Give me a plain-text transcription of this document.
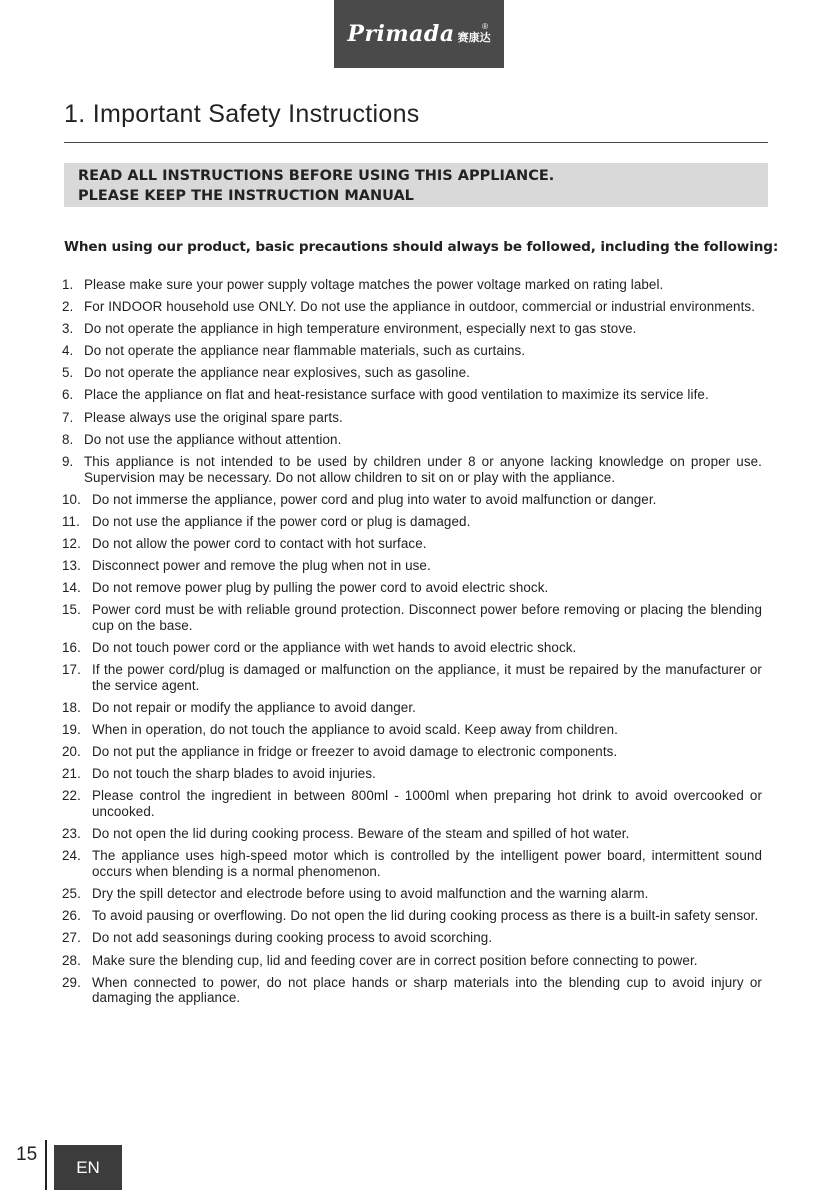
Primada 赛康达
®
1. Important Safety Instructions
READ ALL INSTRUCTIONS BEFORE USING THIS APPLIANCE.
PLEASE KEEP THE INSTRUCTION MANUAL
When using our product, basic precautions should always be followed, including the following:
1. Please make sure your power supply voltage matches the power voltage marked on rating label.
2. For INDOOR household use ONLY. Do not use the appliance in outdoor, commercial or industrial environments.
3. Do not operate the appliance in high temperature environment, especially next to gas stove.
4. Do not operate the appliance near flammable materials, such as curtains.
5. Do not operate the appliance near explosives, such as gasoline.
6. Place the appliance on flat and heat-resistance surface with good ventilation to maximize its service life.
7. Please always use the original spare parts.
8. Do not use the appliance without attention.
9. This appliance is not intended to be used by children under 8 or anyone lacking knowledge on proper use. Supervision may be necessary. Do not allow children to sit on or play with the appliance.
10. Do not immerse the appliance, power cord and plug into water to avoid malfunction or danger.
11. Do not use the appliance if the power cord or plug is damaged.
12. Do not allow the power cord to contact with hot surface.
13. Disconnect power and remove the plug when not in use.
14. Do not remove power plug by pulling the power cord to avoid electric shock.
15. Power cord must be with reliable ground protection. Disconnect power before removing or placing the blending cup on the base.
16. Do not touch power cord or the appliance with wet hands to avoid electric shock.
17. If the power cord/plug is damaged or malfunction on the appliance, it must be repaired by the manufacturer or the service agent.
18. Do not repair or modify the appliance to avoid danger.
19. When in operation, do not touch the appliance to avoid scald. Keep away from children.
20. Do not put the appliance in fridge or freezer to avoid damage to electronic components.
21. Do not touch the sharp blades to avoid injuries.
22. Please control the ingredient in between 800ml - 1000ml when preparing hot drink to avoid overcooked or uncooked.
23. Do not open the lid during cooking process. Beware of the steam and spilled of hot water.
24. The appliance uses high-speed motor which is controlled by the intelligent power board, intermittent sound occurs when blending is a normal phenomenon.
25. Dry the spill detector and electrode before using to avoid malfunction and the warning alarm.
26. To avoid pausing or overflowing. Do not open the lid during cooking process as there is a built-in safety sensor.
27. Do not add seasonings during cooking process to avoid scorching.
28. Make sure the blending cup, lid and feeding cover are in correct position before connecting to power.
29. When connected to power, do not place hands or sharp materials into the blending cup to avoid injury or damaging the appliance.
15
EN
